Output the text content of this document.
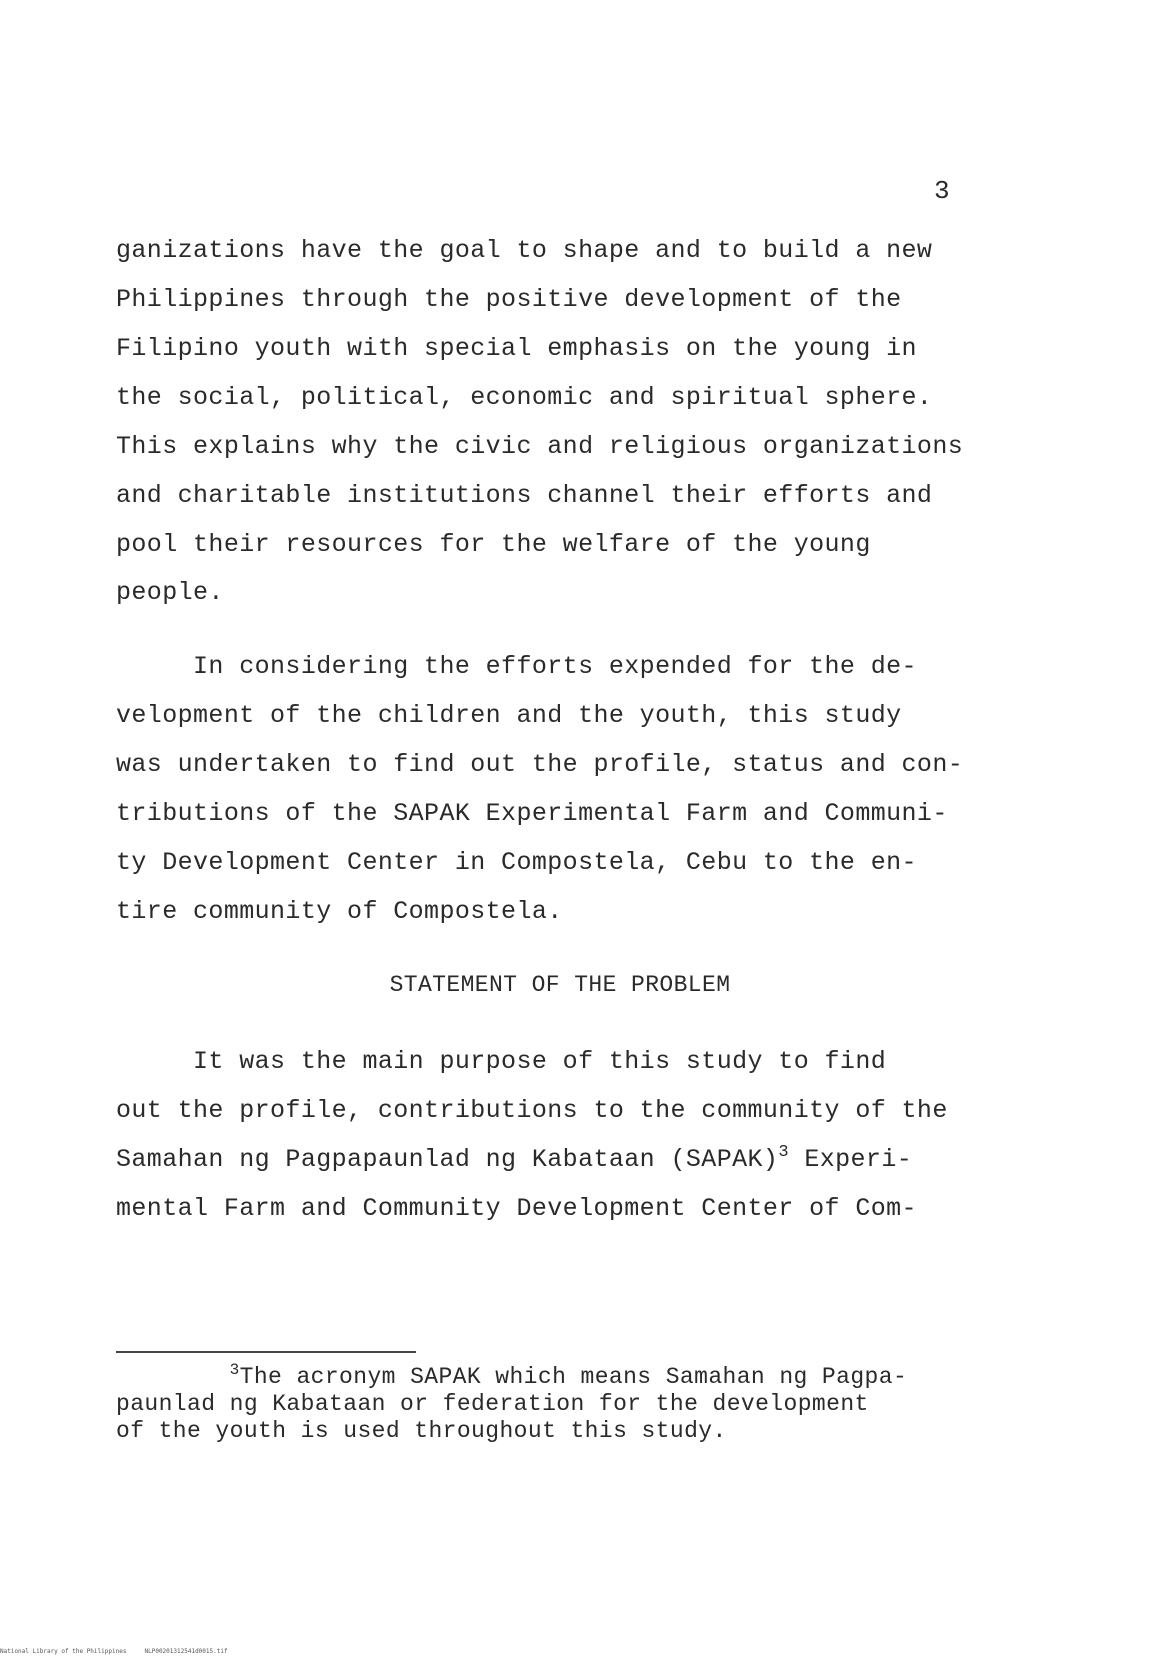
3
ganizations have the goal to shape and to build a new
Philippines through the positive development of the
Filipino youth with special emphasis on the young in
the social, political, economic and spiritual sphere.
This explains why the civic and religious organizations
and charitable institutions channel their efforts and
pool their resources for the welfare of the young
people.
In considering the efforts expended for the de-
velopment of the children and the youth, this study
was undertaken to find out the profile, status and con-
tributions of the SAPAK Experimental Farm and Communi-
ty Development Center in Compostela, Cebu to the en-
tire community of Compostela.
STATEMENT OF THE PROBLEM
It was the main purpose of this study to find
out the profile, contributions to the community of the
Samahan ng Pagpapaunlad ng Kabataan (SAPAK)$^3$ Experi-
mental Farm and Community Development Center of Com-
$^3$The acronym SAPAK which means Samahan ng Pagpa-
paunlad ng Kabataan or federation for the development
of the youth is used throughout this study.
National Library of the Philippines     NLP00201312541d0015.tif
